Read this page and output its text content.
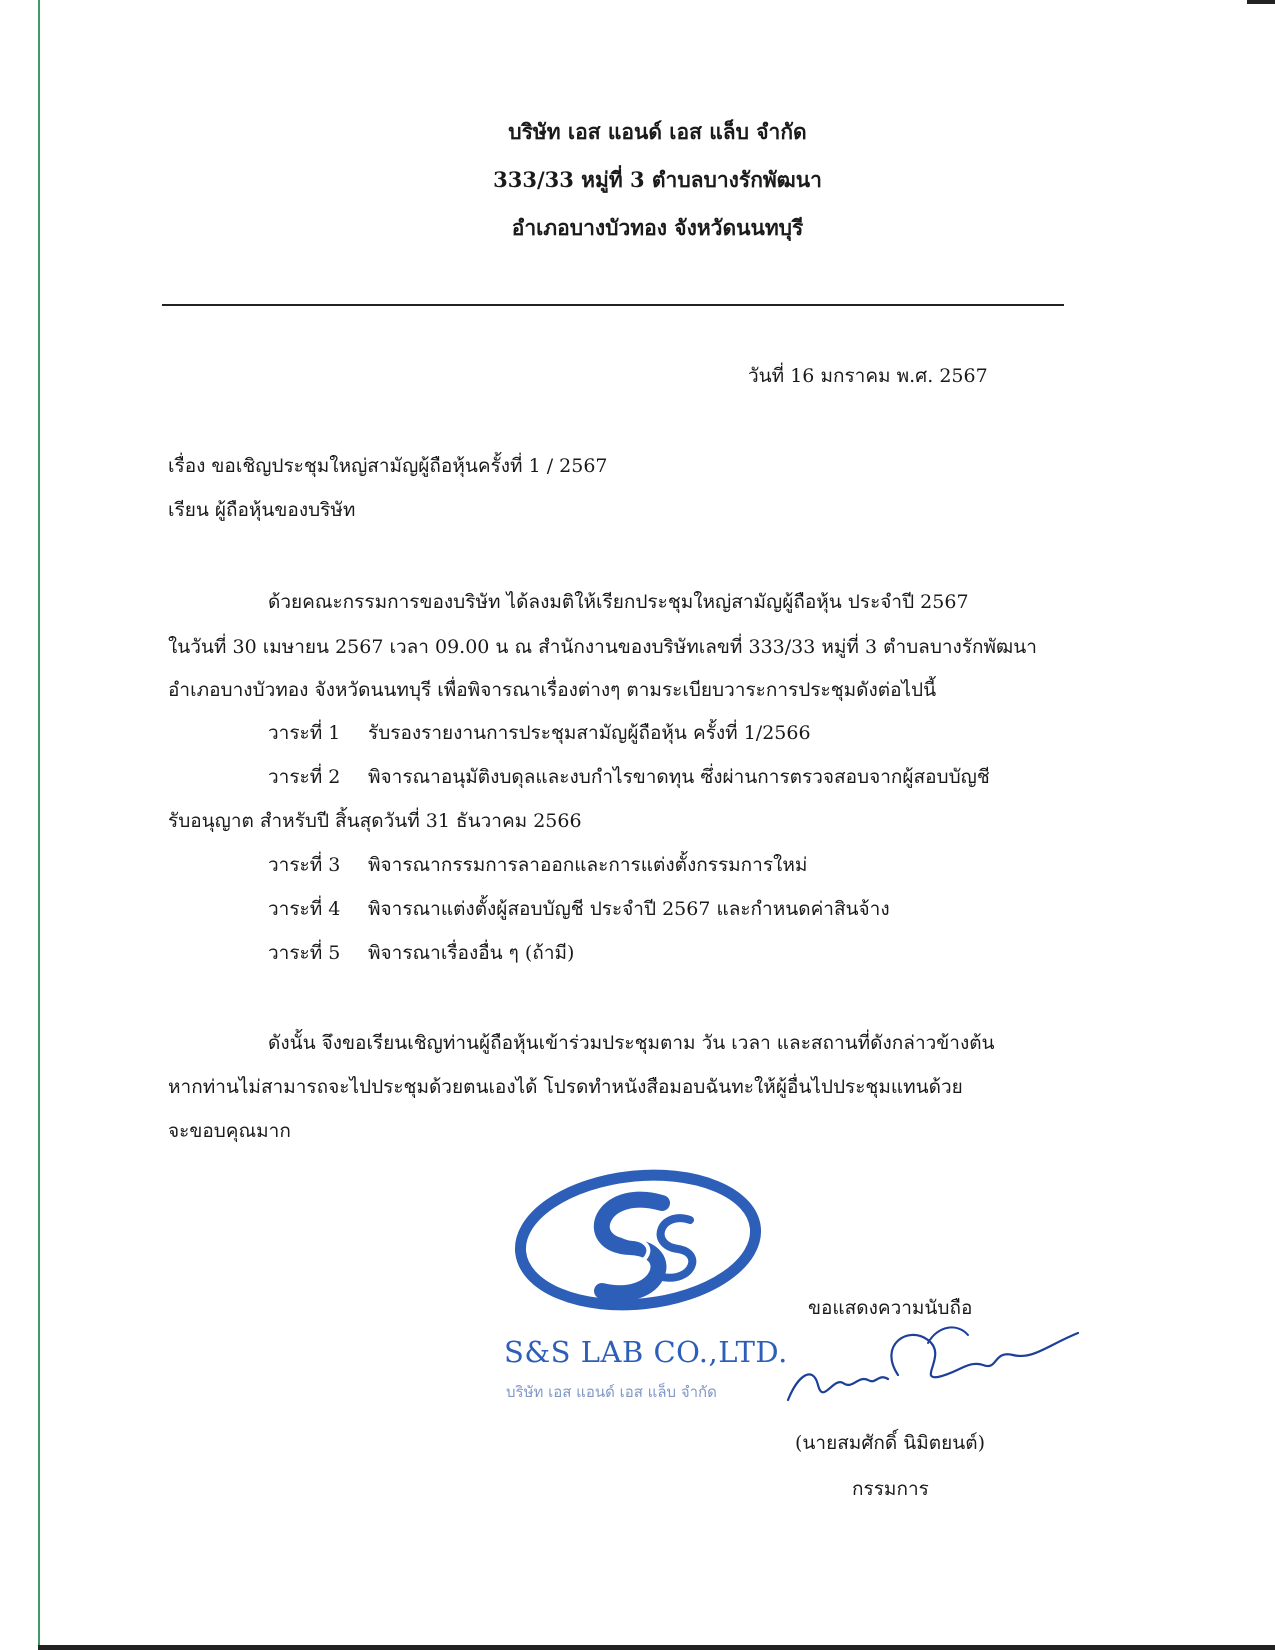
บริษัท เอส แอนด์ เอส แล็บ จำกัด
333/33 หมู่ที่ 3 ตำบลบางรักพัฒนา
อำเภอบางบัวทอง จังหวัดนนทบุรี
วันที่ 16 มกราคม พ.ศ. 2567
เรื่อง ขอเชิญประชุมใหญ่สามัญผู้ถือหุ้นครั้งที่ 1 / 2567
เรียน ผู้ถือหุ้นของบริษัท
ด้วยคณะกรรมการของบริษัท ได้ลงมติให้เรียกประชุมใหญ่สามัญผู้ถือหุ้น ประจำปี 2567
ในวันที่ 30 เมษายน 2567 เวลา 09.00 น ณ สำนักงานของบริษัทเลขที่ 333/33 หมู่ที่ 3 ตำบลบางรักพัฒนา
อำเภอบางบัวทอง จังหวัดนนทบุรี เพื่อพิจารณาเรื่องต่างๆ ตามระเบียบวาระการประชุมดังต่อไปนี้
วาระที่ 1 รับรองรายงานการประชุมสามัญผู้ถือหุ้น ครั้งที่ 1/2566
วาระที่ 2 พิจารณาอนุมัติงบดุลและงบกำไรขาดทุน ซึ่งผ่านการตรวจสอบจากผู้สอบบัญชี
รับอนุญาต สำหรับปี สิ้นสุดวันที่ 31 ธันวาคม 2566
วาระที่ 3 พิจารณากรรมการลาออกและการแต่งตั้งกรรมการใหม่
วาระที่ 4 พิจารณาแต่งตั้งผู้สอบบัญชี ประจำปี 2567 และกำหนดค่าสินจ้าง
วาระที่ 5 พิจารณาเรื่องอื่น ๆ (ถ้ามี)
ดังนั้น จึงขอเรียนเชิญท่านผู้ถือหุ้นเข้าร่วมประชุมตาม วัน เวลา และสถานที่ดังกล่าวข้างต้น
หากท่านไม่สามารถจะไปประชุมด้วยตนเองได้ โปรดทำหนังสือมอบฉันทะให้ผู้อื่นไปประชุมแทนด้วย
จะขอบคุณมาก
S&S LAB CO.,LTD.
บริษัท เอส แอนด์ เอส แล็บ จำกัด
ขอแสดงความนับถือ
(นายสมศักดิ์ นิมิตยนต์)
กรรมการ
